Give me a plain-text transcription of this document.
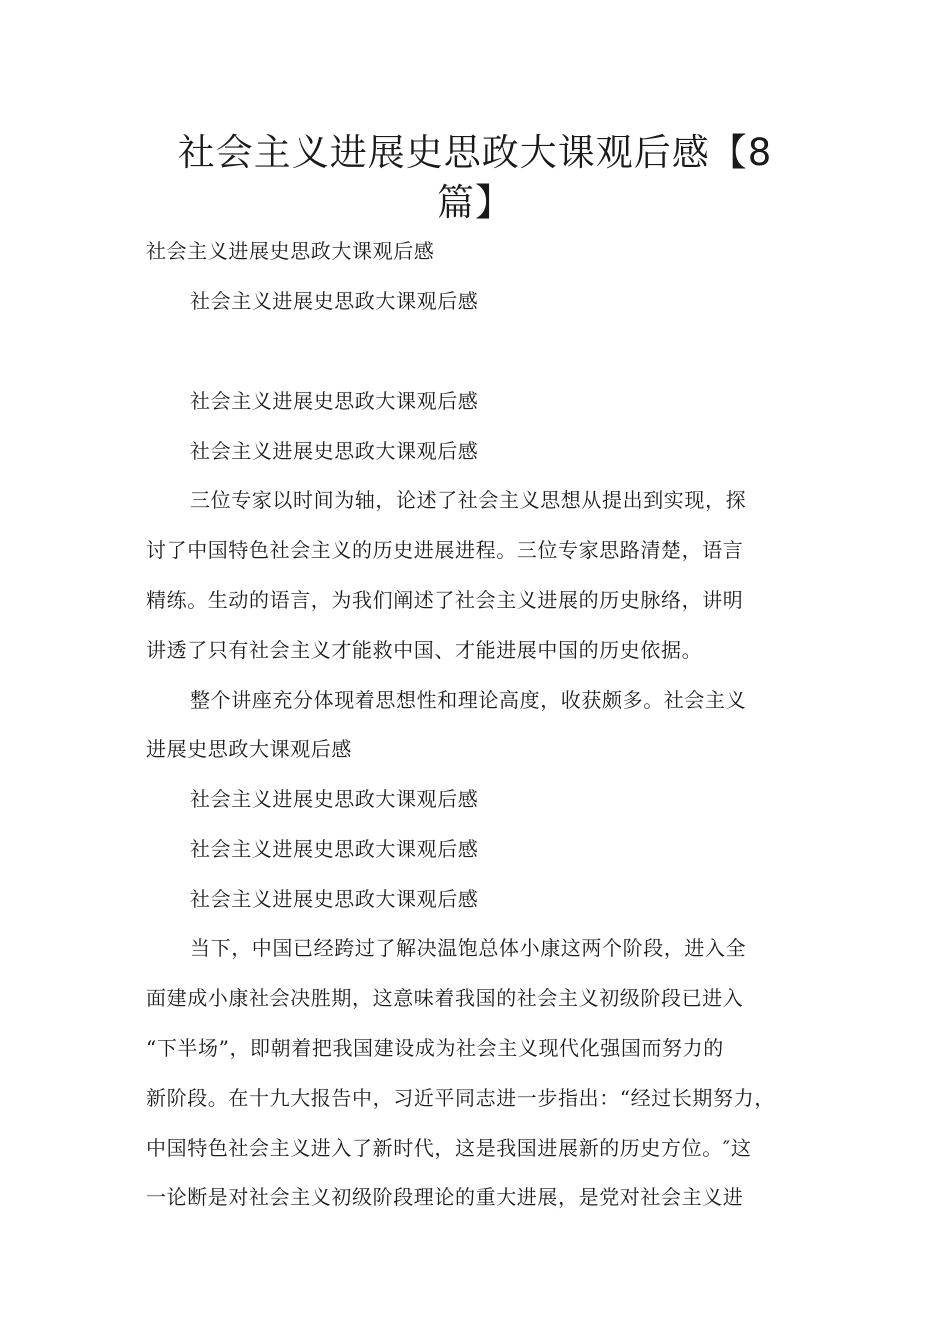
社会主义进展史思政大课观后感【8篇】

社会主义进展史思政大课观后感

社会主义进展史思政大课观后感

社会主义进展史思政大课观后感

社会主义进展史思政大课观后感

三位专家以时间为轴，论述了社会主义思想从提出到实现，探

讨了中国特色社会主义的历史进展进程。三位专家思路清楚，语言

精练。生动的语言，为我们阐述了社会主义进展的历史脉络，讲明

讲透了只有社会主义才能救中国、才能进展中国的历史依据。

整个讲座充分体现着思想性和理论高度，收获颇多。社会主义

进展史思政大课观后感

社会主义进展史思政大课观后感

社会主义进展史思政大课观后感

社会主义进展史思政大课观后感

当下，中国已经跨过了解决温饱总体小康这两个阶段，进入全

面建成小康社会决胜期，这意味着我国的社会主义初级阶段已进入

“下半场”，即朝着把我国建设成为社会主义现代化强国而努力的

新阶段。在十九大报告中，习近平同志进一步指出：“经过长期努力，

中国特色社会主义进入了新时代，这是我国进展新的历史方位。″这

一论断是对社会主义初级阶段理论的重大进展，是党对社会主义进
